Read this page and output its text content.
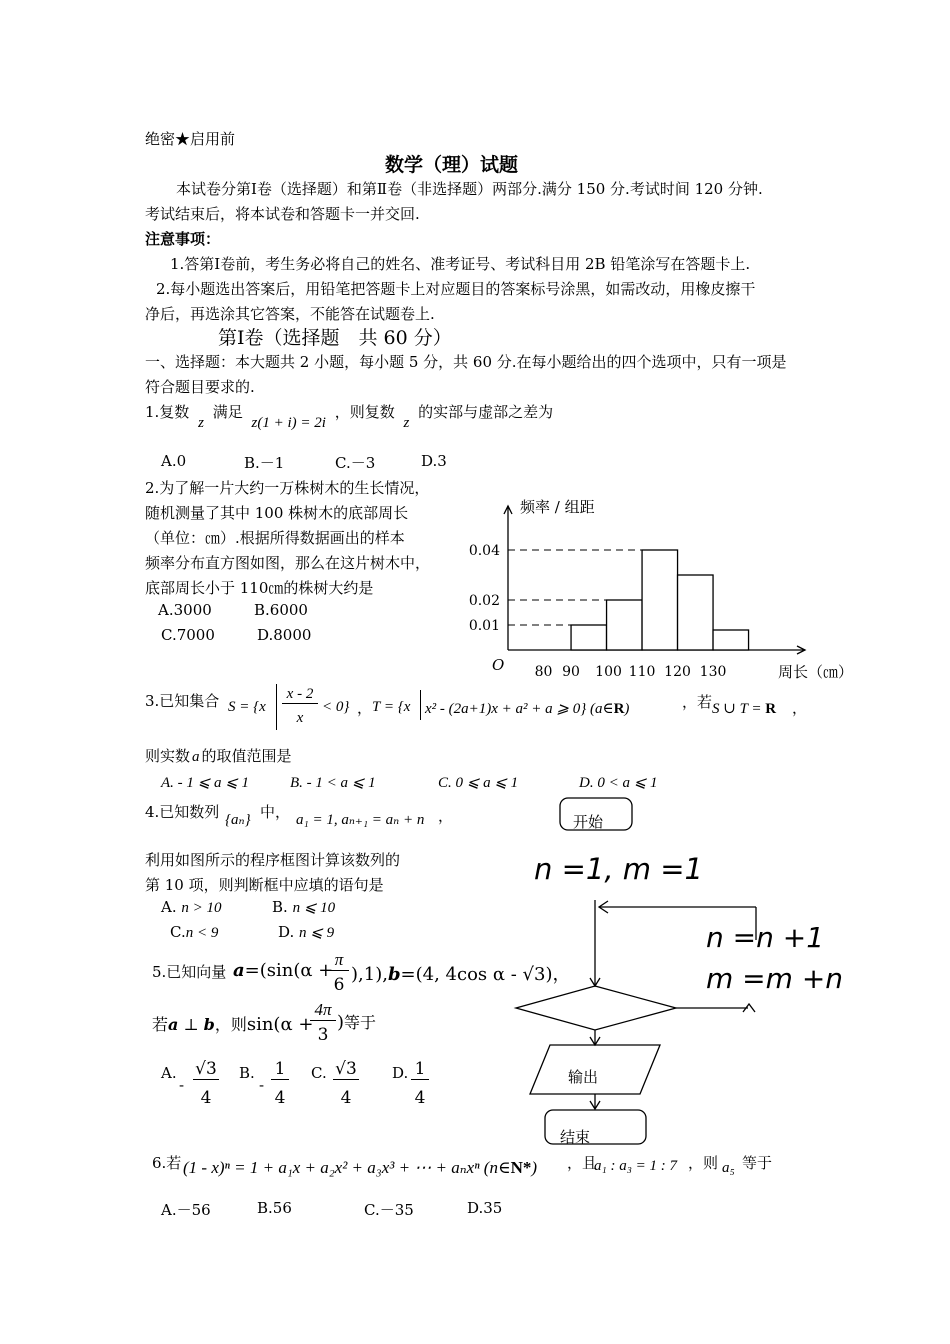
绝密★启用前
数学（理）试题
本试卷分第Ⅰ卷（选择题）和第Ⅱ卷（非选择题）两部分.满分 150 分.考试时间 120 分钟.
考试结束后，将本试卷和答题卡一并交回.
注意事项：
1.答第Ⅰ卷前，考生务必将自己的姓名、准考证号、考试科目用 2B 铅笔涂写在答题卡上.
2.每小题选出答案后，用铅笔把答题卡上对应题目的答案标号涂黑，如需改动，用橡皮擦干
净后，再选涂其它答案，不能答在试题卷上.
第Ⅰ卷（选择题　共 60 分）
一、选择题：本大题共 2 小题，每小题 5 分，共 60 分.在每小题给出的四个选项中，只有一项是
符合题目要求的.
1.复数 z 满足 z(1 + i) = 2i ，则复数 z 的实部与虚部之差为
A.0	B.－1	C.－3	D.3
2.为了解一片大约一万株树木的生长情况，
随机测量了其中 100 株树木的底部周长
（单位：㎝）.根据所得数据画出的样本
频率分布直方图如图，那么在这片树木中，
底部周长小于 110㎝的株树大约是
A.3000	B.6000
C.7000	D.8000	0.01
0.02
0.04
80 90 100 110 120 130
O
频率 / 组距
周长（㎝）
3.已知集合 S = {x
x - 2
x
< 0} ， T = {x x² - (2a+1)x + a² + a ⩾ 0} (a∈R)	，若 S ∪ T = R ，
则实数 a 的取值范围是
A. - 1 ⩽ a ⩽ 1	B. - 1 < a ⩽ 1	C. 0 ⩽ a ⩽ 1	D. 0 < a ⩽ 1
4.已知数列 {aₙ} 中， a₁ = 1, aₙ₊₁ = aₙ + n ，
利用如图所示的程序框图计算该数列的
第 10 项，则判断框中应填的语句是
A. n > 10	B. n ⩽ 10
C.n < 9	D. n ⩽ 9
开始
n =1, m =1
n =n +1
m =m +n
输出
结束
5.已知向量 a=(sin(α +
π
6 ),1),b=(4, 4cos α - √3)，
若a ⊥ b，则sin(α +
4π
3
)等于
A.
-
√3
4
B.
-
1
4
C. √3
4
D. 1
4
6.若 (1 - x)ⁿ = 1 + a₁x + a₂x² + a₃x³ + ⋯ + aₙxⁿ (n∈N*) ，且
a₁ : a₃ = 1 : 7 ，则 a₅ 等于
A.－56	B.56	C.－35	D.35
